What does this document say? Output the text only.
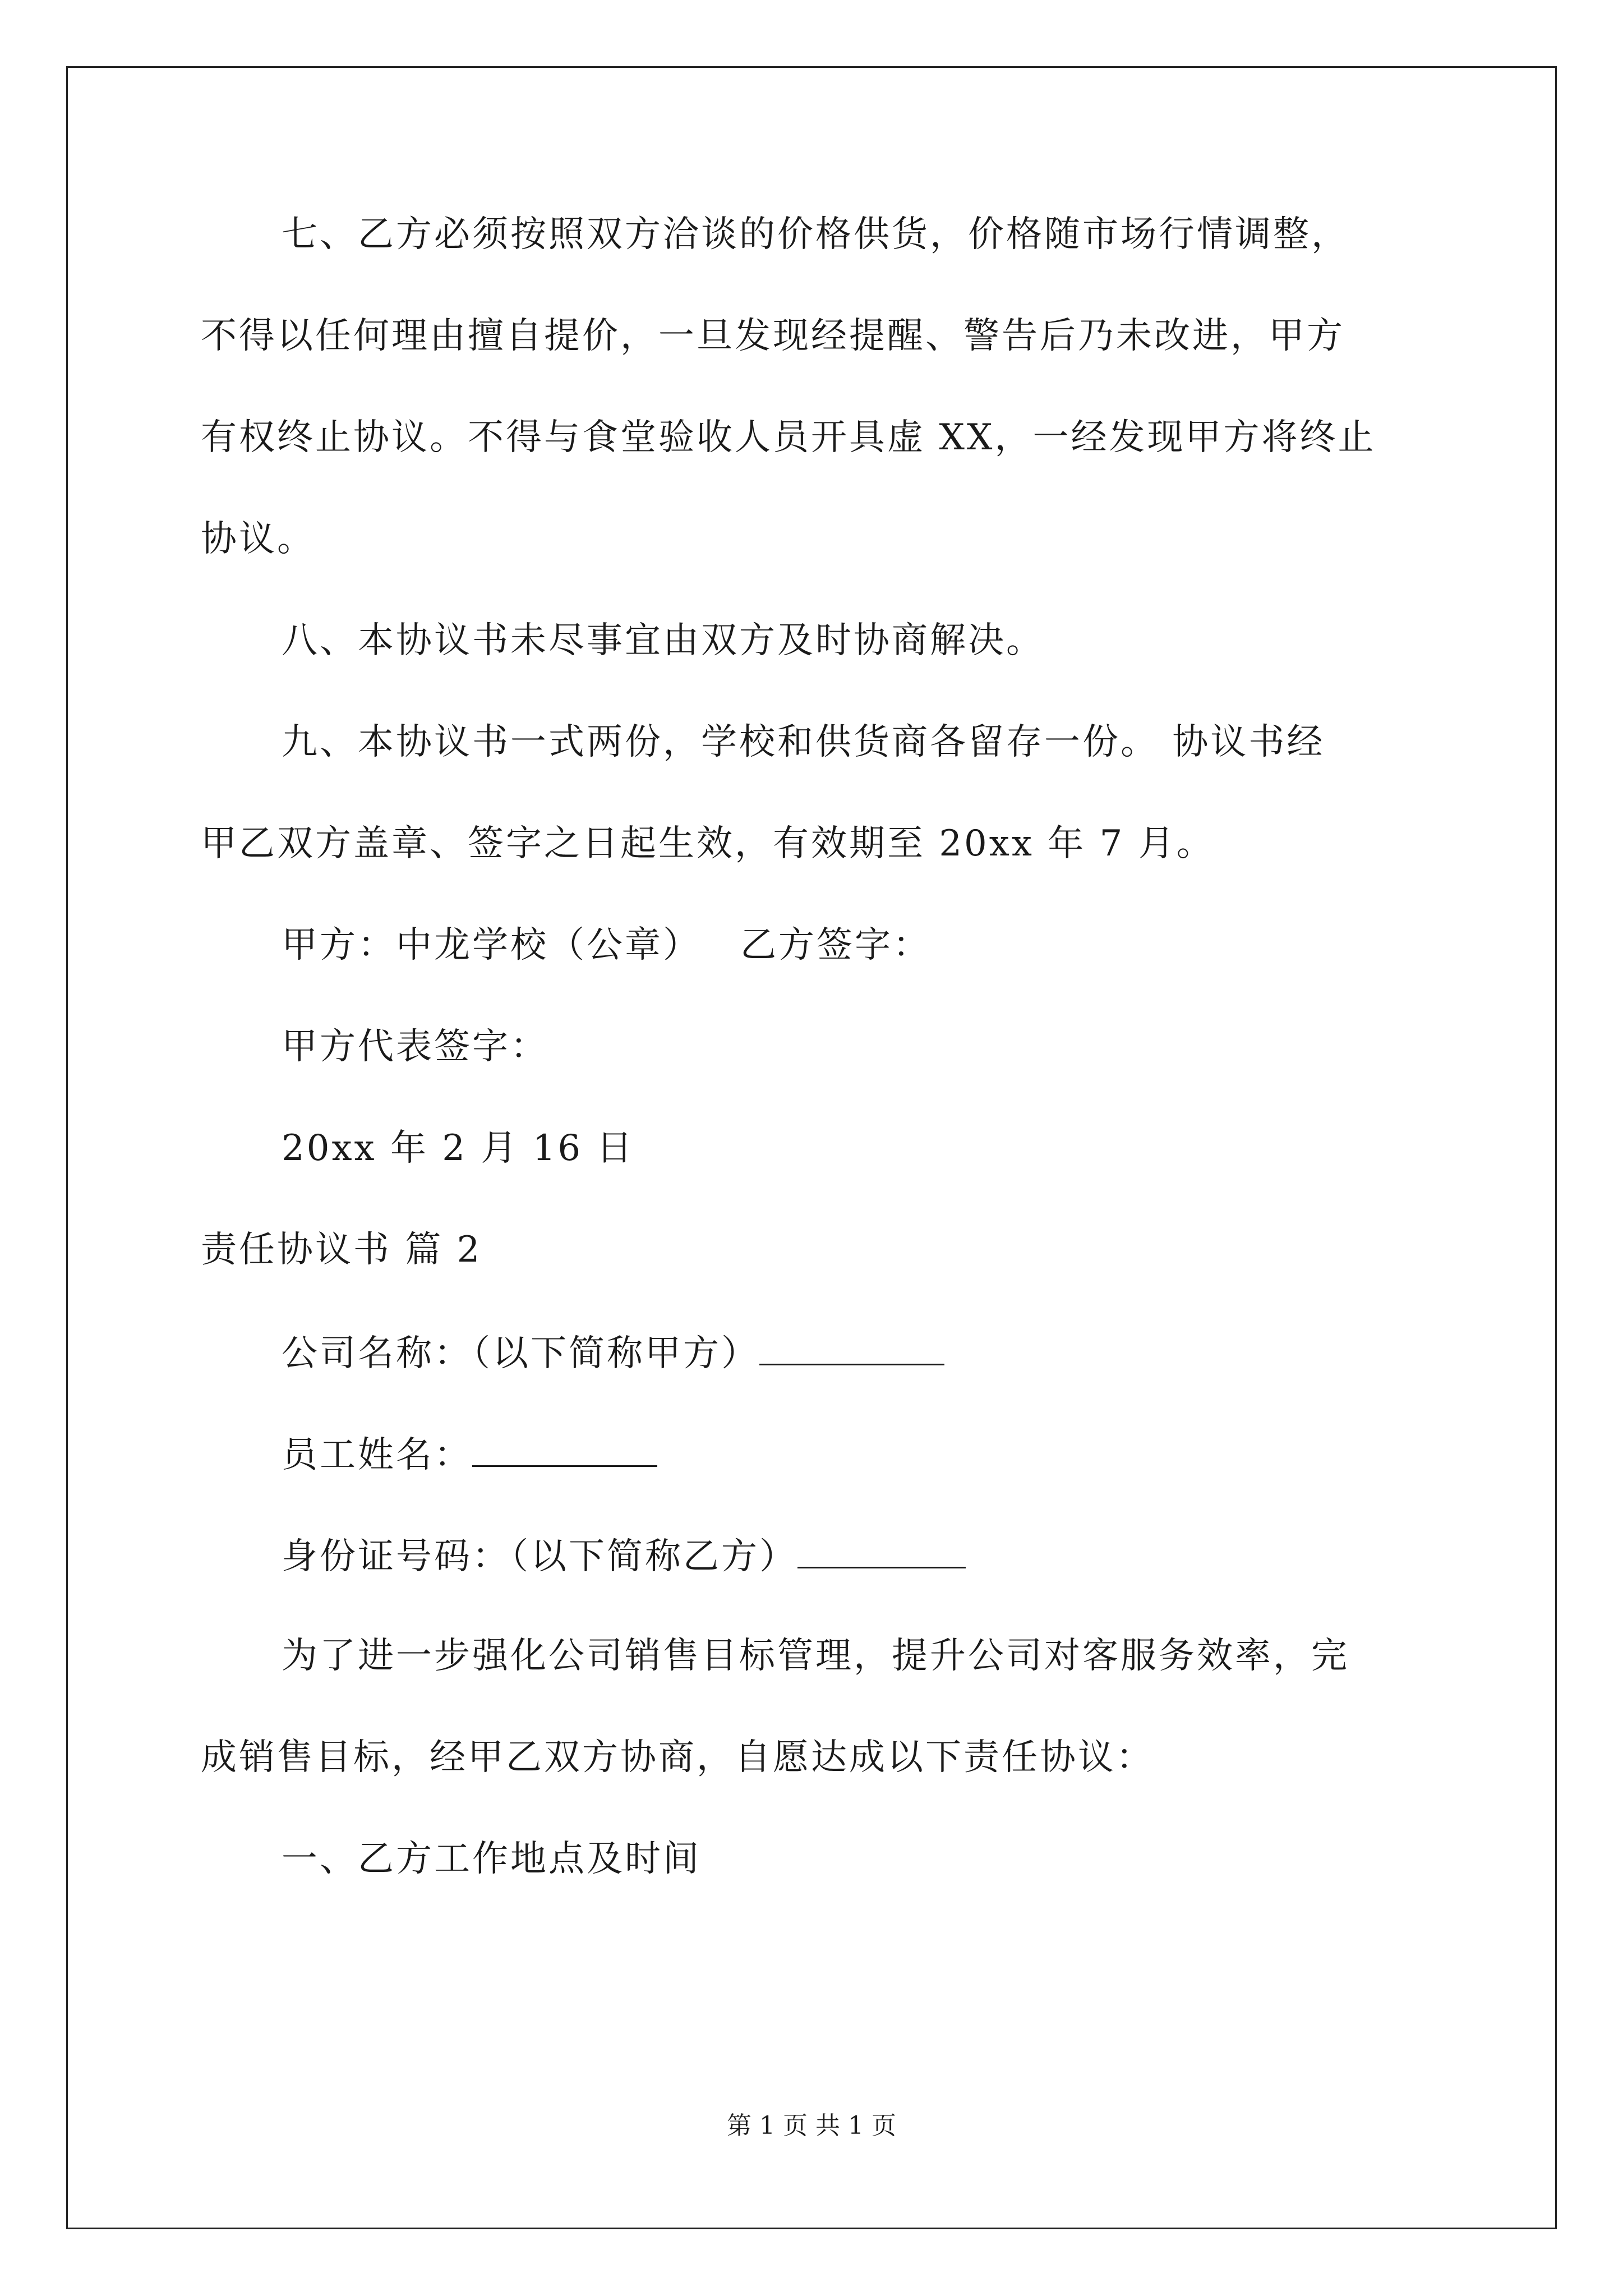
七、乙方必须按照双方洽谈的价格供货，价格随市场行情调整，
不得以任何理由擅自提价，一旦发现经提醒、警告后乃未改进，甲方
有权终止协议。不得与食堂验收人员开具虚 XX，一经发现甲方将终止
协议。
八、本协议书未尽事宜由双方及时协商解决。
九、本协议书一式两份，学校和供货商各留存一份。 协议书经
甲乙双方盖章、签字之日起生效，有效期至 20xx 年 7 月。
甲方：中龙学校（公章） 乙方签字：
甲方代表签字：
20xx 年 2 月 16 日
责任协议书 篇 2
公司名称：（以下简称甲方）
员工姓名：
身份证号码：（以下简称乙方）
为了进一步强化公司销售目标管理，提升公司对客服务效率，完
成销售目标，经甲乙双方协商，自愿达成以下责任协议：
一、乙方工作地点及时间
第 1 页 共 1 页
